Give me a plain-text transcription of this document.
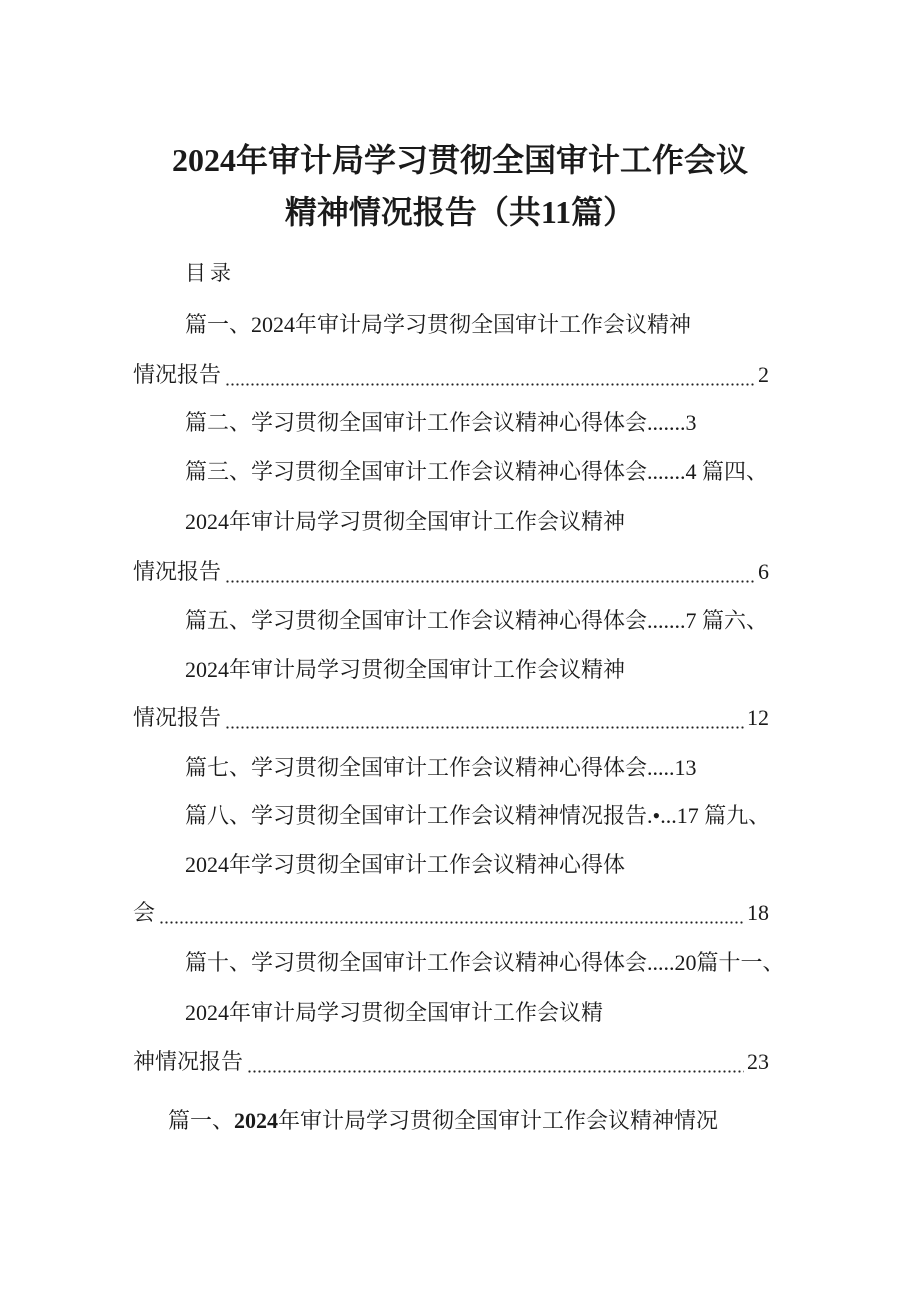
2024年审计局学习贯彻全国审计工作会议
精神情况报告（共11篇）
目录
篇一、2024年审计局学习贯彻全国审计工作会议精神
情况报告	2
篇二、学习贯彻全国审计工作会议精神心得体会.......3
篇三、学习贯彻全国审计工作会议精神心得体会.......4 篇四、
2024年审计局学习贯彻全国审计工作会议精神
情况报告	6
篇五、学习贯彻全国审计工作会议精神心得体会.......7 篇六、
2024年审计局学习贯彻全国审计工作会议精神
情况报告	12
篇七、学习贯彻全国审计工作会议精神心得体会.....13
篇八、学习贯彻全国审计工作会议精神情况报告.•...17 篇九、
2024年学习贯彻全国审计工作会议精神心得体
会	18
篇十、学习贯彻全国审计工作会议精神心得体会.....20篇十一、
2024年审计局学习贯彻全国审计工作会议精
神情况报告	23
篇一、2024年审计局学习贯彻全国审计工作会议精神情况
